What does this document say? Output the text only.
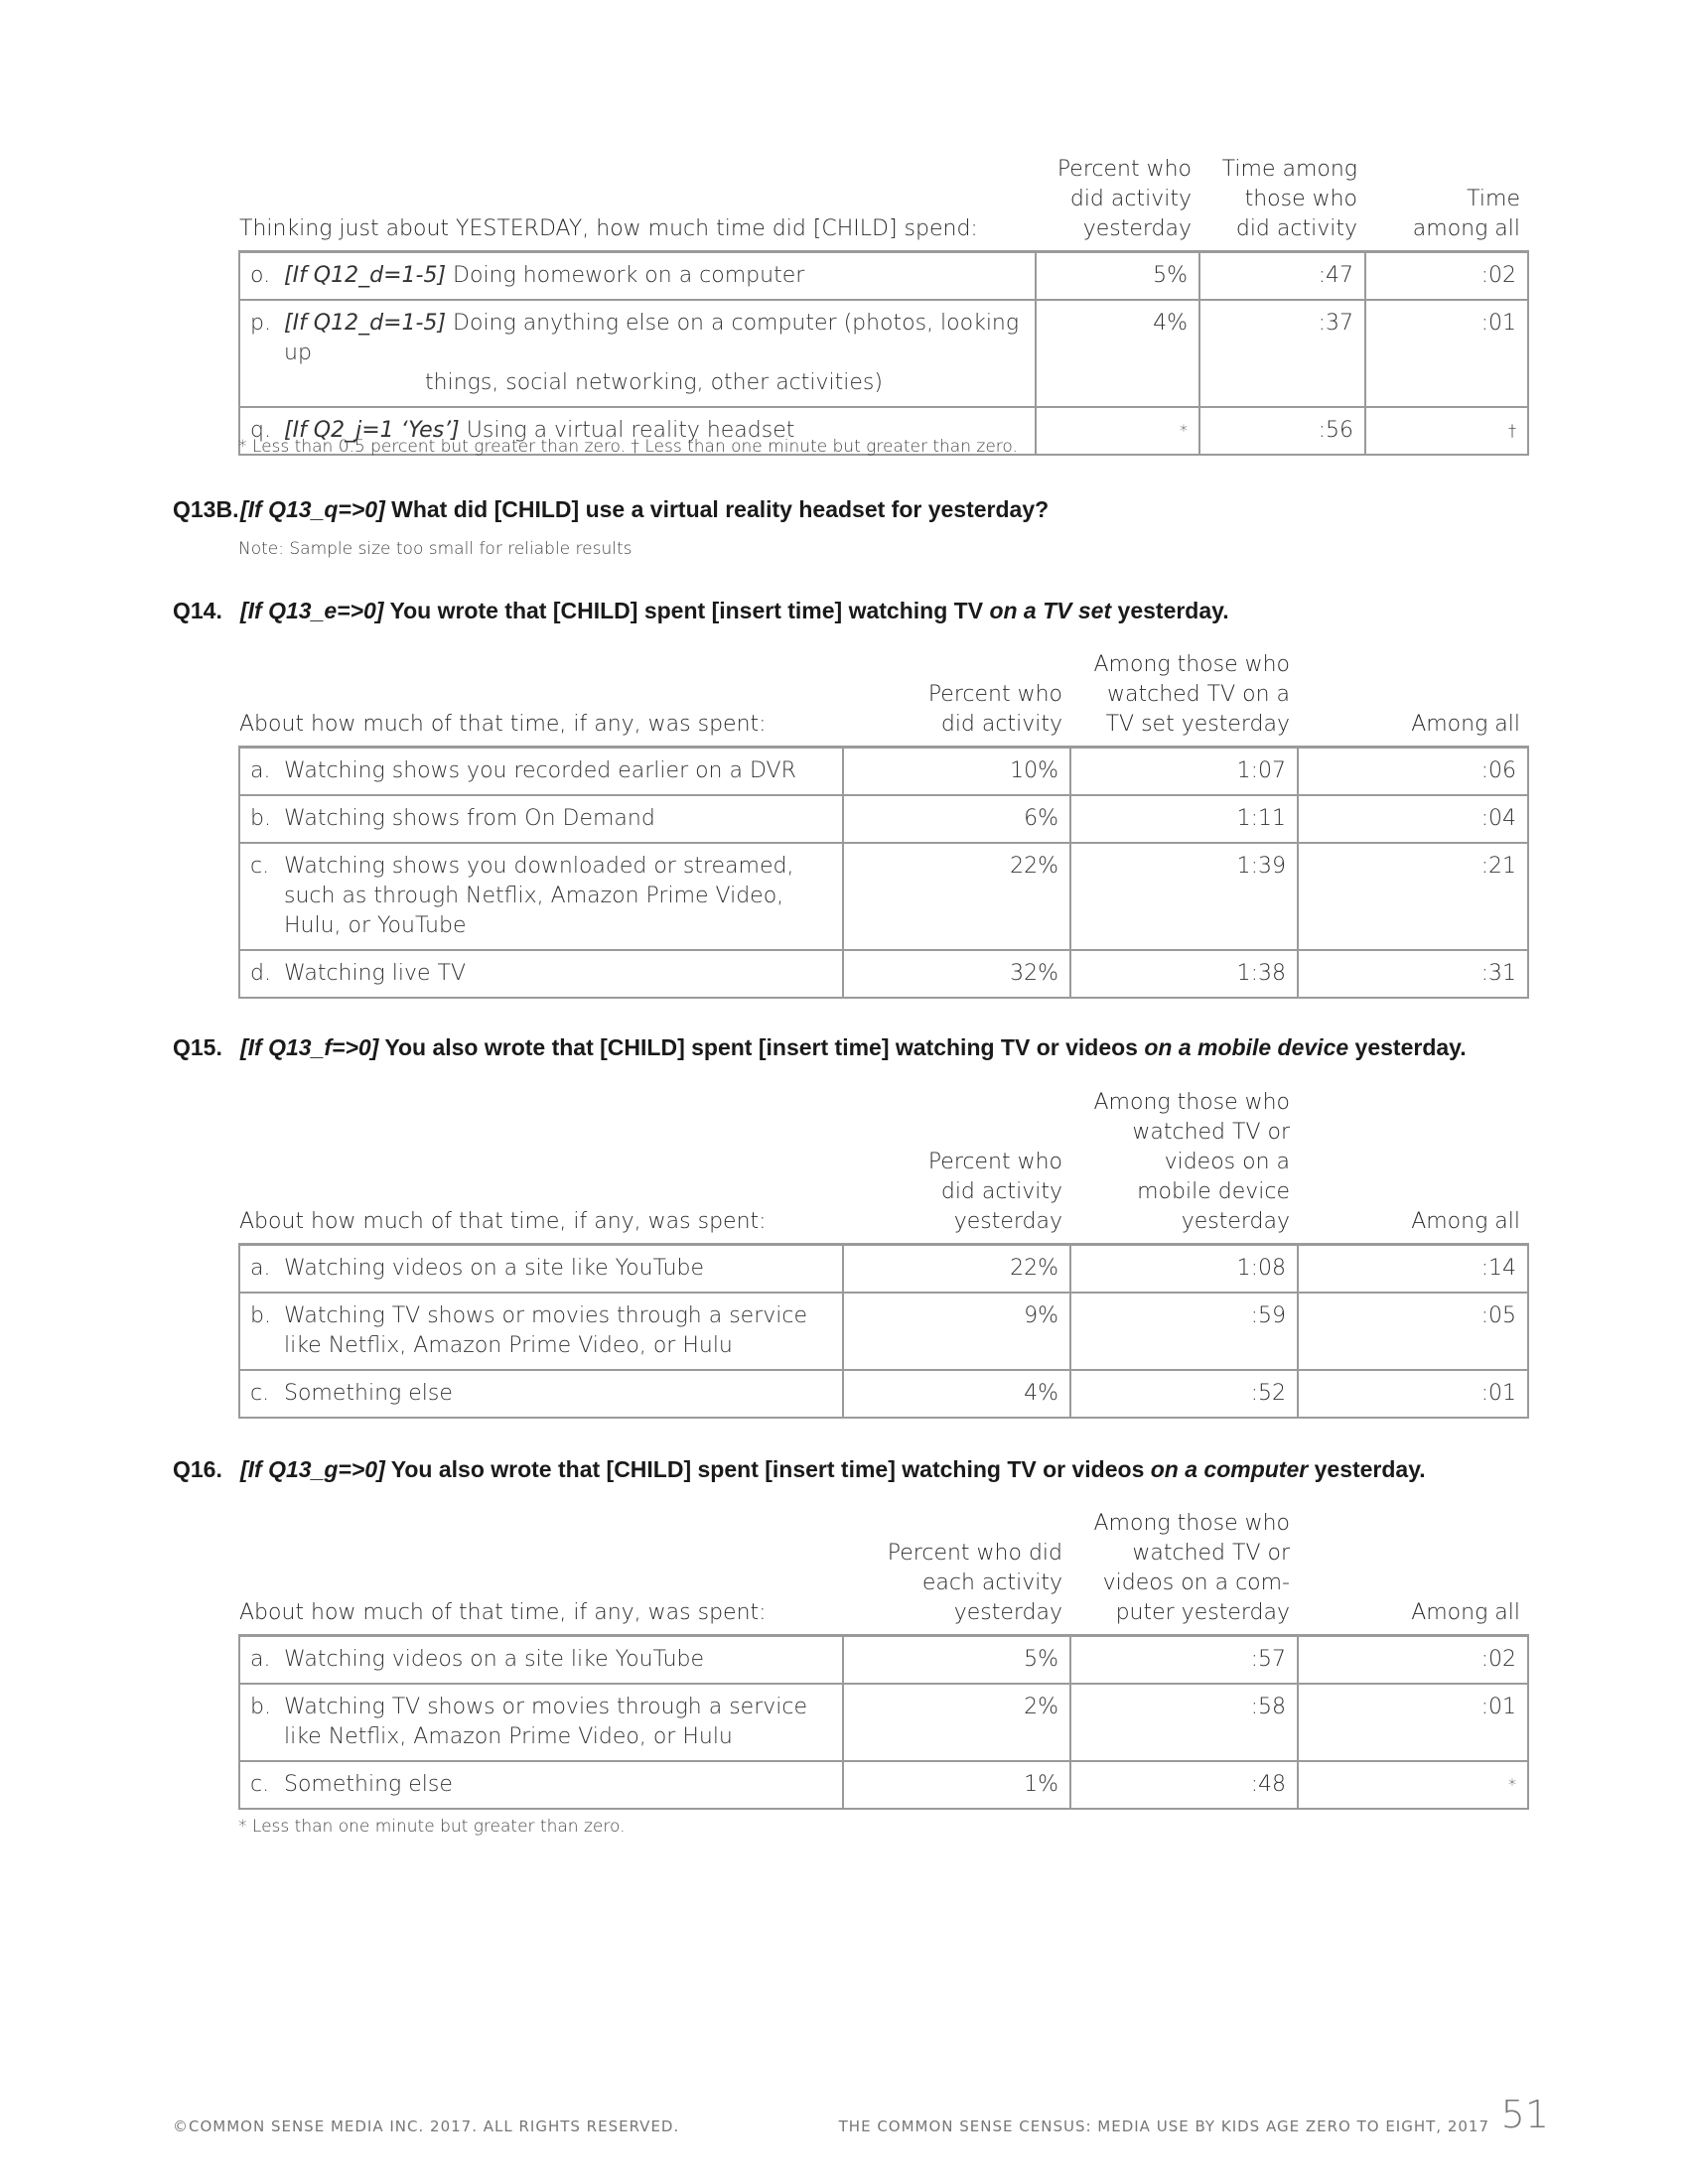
Thinking just about YESTERDAY, how much time did [CHILD] spend:	Percent who
did activity
yesterday	Time among
those who
did activity	Time
among all

o. [If Q12_d=1-5] Doing homework on a computer	5%	:47	:02

p. [If Q12_d=1-5] Doing anything else on a computer (photos, looking up

things, social networking, other activities)	4%	:37	:01

q. [If Q2_j=1 ‘Yes’] Using a virtual reality headset	*	:56	†
* Less than 0.5 percent but greater than zero. † Less than one minute but greater than zero.
Q13B.[If Q13_q=>0] What did [CHILD] use a virtual reality headset for yesterday?
Note: Sample size too small for reliable results
Q14. [If Q13_e=>0] You wrote that [CHILD] spent [insert time] watching TV on a TV set yesterday.
About how much of that time, if any, was spent:	Percent who
did activity	Among those who
watched TV on a
TV set yesterday	Among all

a. Watching shows you recorded earlier on a DVR	10%	1:07	:06

b. Watching shows from On Demand	6%	1:11	:04

c. Watching shows you downloaded or streamed, such as through Netflix, Amazon Prime Video, Hulu, or YouTube	22%	1:39	:21

d. Watching live TV	32%	1:38	:31
Q15. [If Q13_f=>0] You also wrote that [CHILD] spent [insert time] watching TV or videos on a mobile device yesterday.
About how much of that time, if any, was spent:	Percent who
did activity
yesterday	Among those who
watched TV or
videos on a
mobile device
yesterday	Among all

a. Watching videos on a site like YouTube	22%	1:08	:14

b. Watching TV shows or movies through a service like Netflix, Amazon Prime Video, or Hulu	9%	:59	:05

c. Something else	4%	:52	:01
Q16. [If Q13_g=>0] You also wrote that [CHILD] spent [insert time] watching TV or videos on a computer yesterday.
About how much of that time, if any, was spent:	Percent who did
each activity
yesterday	Among those who
watched TV or
videos on a com-
puter yesterday	Among all

a. Watching videos on a site like YouTube	5%	:57	:02

b. Watching TV shows or movies through a service like Netflix, Amazon Prime Video, or Hulu	2%	:58	:01

c. Something else	1%	:48	*
* Less than one minute but greater than zero.
©COMMON SENSE MEDIA INC. 2017. ALL RIGHTS RESERVED.	THE COMMON SENSE CENSUS: MEDIA USE BY KIDS AGE ZERO TO EIGHT, 2017 51
